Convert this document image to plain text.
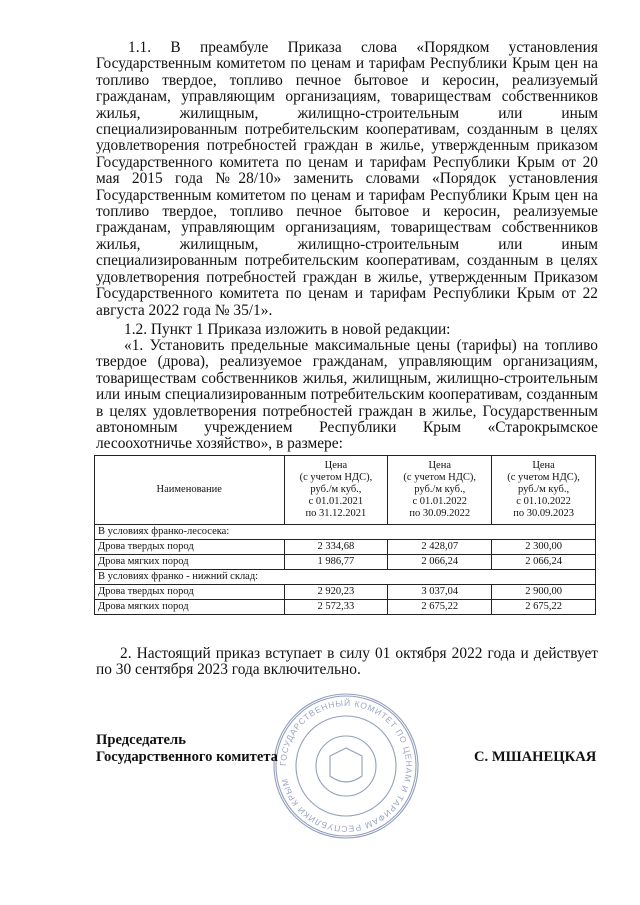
1.1. В преамбуле Приказа слова «Порядком установления Государственным комитетом по ценам и тарифам Республики Крым цен на топливо твердое, топливо печное бытовое и керосин, реализуемый гражданам, управляющим организациям, товариществам собственников жилья, жилищным, жилищно-строительным или иным специализированным потребительским кооперативам, созданным в целях удовлетворения потребностей граждан в жилье, утвержденным приказом Государственного комитета по ценам и тарифам Республики Крым от 20 мая 2015 года №28/10» заменить словами «Порядок установления Государственным комитетом по ценам и тарифам Республики Крым цен на топливо твердое, топливо печное бытовое и керосин, реализуемые гражданам, управляющим организациям, товариществам собственников жилья, жилищным, жилищно-строительным или иным специализированным потребительским кооперативам, созданным в целях удовлетворения потребностей граждан в жилье, утвержденным Приказом Государственного комитета по ценам и тарифам Республики Крым от 22 августа 2022 года № 35/1».

1.2. Пункт 1 Приказа изложить в новой редакции:

«1. Установить предельные максимальные цены (тарифы) на топливо твердое (дрова), реализуемое гражданам, управляющим организациям, товариществам собственников жилья, жилищным, жилищно-строительным или иным специализированным потребительским кооперативам, созданным в целях удовлетворения потребностей граждан в жилье, Государственным автономным учреждением Республики Крым «Старокрымское лесоохотничье хозяйство», в размере:

Наименование	Цена
(с учетом НДС),
руб./м куб.,
с 01.01.2021
по 31.12.2021	Цена
(с учетом НДС),
руб./м куб.,
с 01.01.2022
по 30.09.2022	Цена
(с учетом НДС),
руб./м куб.,
с 01.10.2022
по 30.09.2023
В условиях франко-лесосека:			
Дрова твердых пород	2 334,68	2 428,07	2 300,00
Дрова мягких пород	1 986,77	2 066,24	2 066,24
В условиях франко - нижний склад:			
Дрова твердых пород	2 920,23	3 037,04	2 900,00
Дрова мягких пород	2 572,33	2 675,22	2 675,22

2. Настоящий приказ вступает в силу 01 октября 2022 года и действует по 30 сентября 2023 года включительно.

ГОСУДАРСТВЕННЫЙ КОМИТЕТ ПО ЦЕНАМ И ТАРИФАМ РЕСПУБЛИКИ КРЫМ
Председатель
Государственного комитета	С. МШАНЕЦКАЯ
